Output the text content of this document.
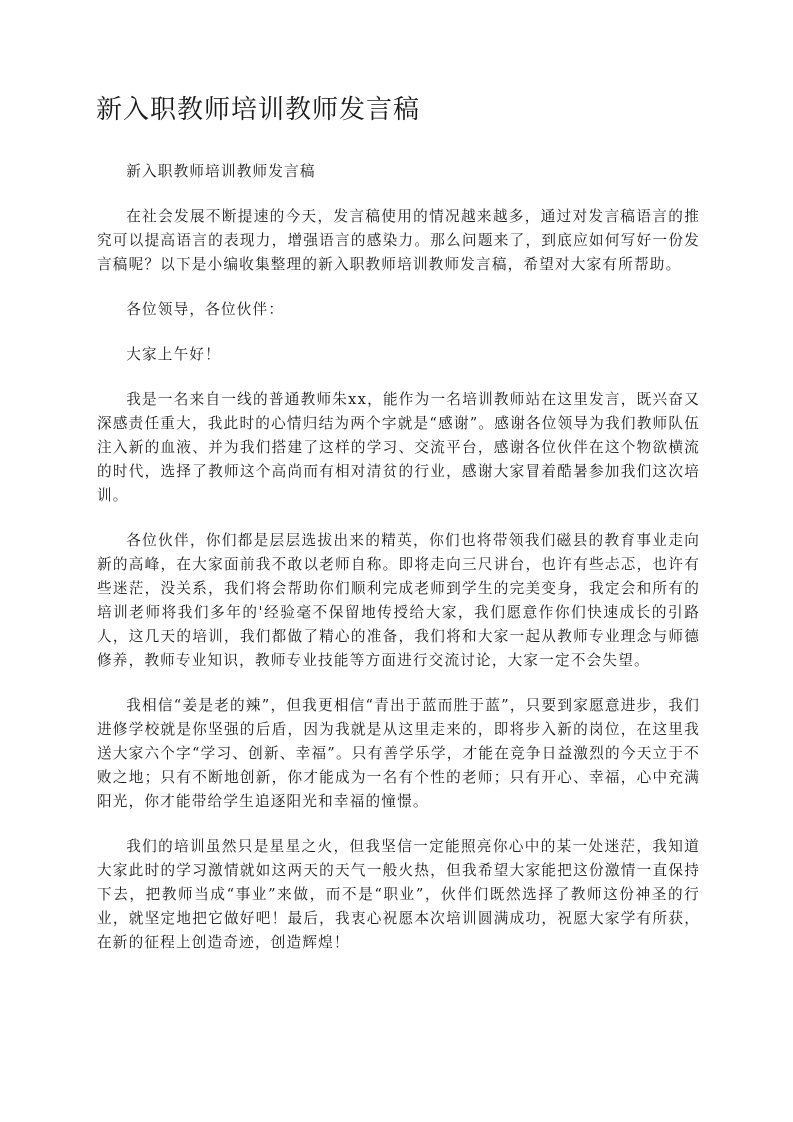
新入职教师培训教师发言稿

新入职教师培训教师发言稿

在社会发展不断提速的今天，发言稿使用的情况越来越多，通过对发言稿语言的推究可以提高语言的表现力，增强语言的感染力。那么问题来了，到底应如何写好一份发言稿呢？以下是小编收集整理的新入职教师培训教师发言稿，希望对大家有所帮助。

各位领导，各位伙伴：

大家上午好！

我是一名来自一线的普通教师朱xx，能作为一名培训教师站在这里发言，既兴奋又深感责任重大，我此时的心情归结为两个字就是“感谢”。感谢各位领导为我们教师队伍注入新的血液、并为我们搭建了这样的学习、交流平台，感谢各位伙伴在这个物欲横流的时代，选择了教师这个高尚而有相对清贫的行业，感谢大家冒着酷暑参加我们这次培训。

各位伙伴，你们都是层层选拔出来的精英，你们也将带领我们磁县的教育事业走向新的高峰，在大家面前我不敢以老师自称。即将走向三尺讲台，也许有些忐忑，也许有些迷茫，没关系，我们将会帮助你们顺利完成老师到学生的完美变身，我定会和所有的培训老师将我们多年的'经验毫不保留地传授给大家，我们愿意作你们快速成长的引路人，这几天的培训，我们都做了精心的准备，我们将和大家一起从教师专业理念与师德修养，教师专业知识，教师专业技能等方面进行交流讨论，大家一定不会失望。

我相信“姜是老的辣”，但我更相信“青出于蓝而胜于蓝”，只要到家愿意进步，我们进修学校就是你坚强的后盾，因为我就是从这里走来的，即将步入新的岗位，在这里我送大家六个字“学习、创新、幸福”。只有善学乐学，才能在竞争日益激烈的今天立于不败之地；只有不断地创新，你才能成为一名有个性的老师；只有开心、幸福，心中充满阳光，你才能带给学生追逐阳光和幸福的憧憬。

我们的培训虽然只是星星之火，但我坚信一定能照亮你心中的某一处迷茫，我知道大家此时的学习激情就如这两天的天气一般火热，但我希望大家能把这份激情一直保持下去，把教师当成“事业”来做，而不是“职业”，伙伴们既然选择了教师这份神圣的行业，就坚定地把它做好吧！最后，我衷心祝愿本次培训圆满成功，祝愿大家学有所获，在新的征程上创造奇迹，创造辉煌！
